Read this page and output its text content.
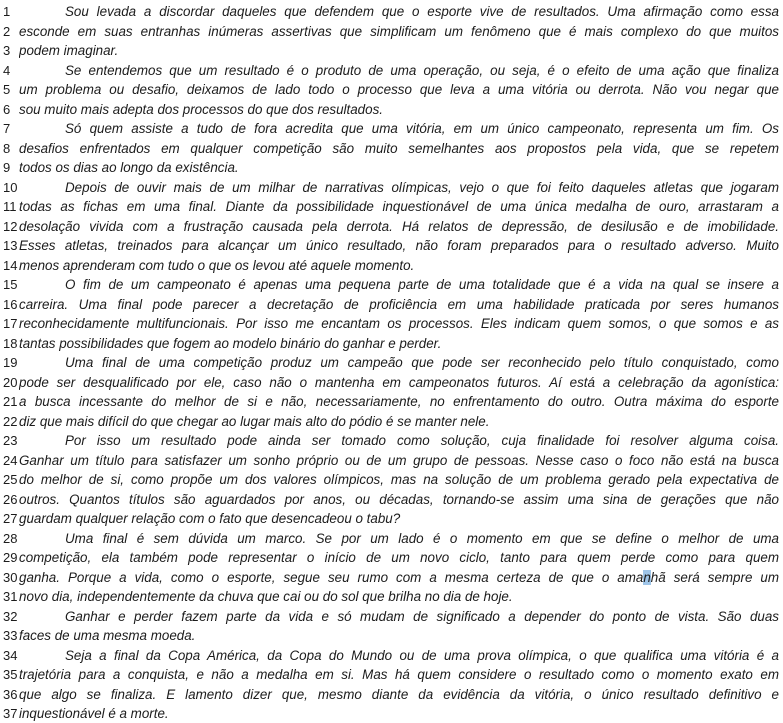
1	Sou levada a discordar daqueles que defendem que o esporte vive de resultados. Uma afirmação como essa
2 esconde em suas entranhas inúmeras assertivas que simplificam um fenômeno que é mais complexo do que muitos
3 podem imaginar.
4	Se entendemos que um resultado é o produto de uma operação, ou seja, é o efeito de uma ação que finaliza
5 um problema ou desafio, deixamos de lado todo o processo que leva a uma vitória ou derrota. Não vou negar que
6 sou muito mais adepta dos processos do que dos resultados.
7	Só quem assiste a tudo de fora acredita que uma vitória, em um único campeonato, representa um fim. Os
8 desafios enfrentados em qualquer competição são muito semelhantes aos propostos pela vida, que se repetem
9 todos os dias ao longo da existência.
10	Depois de ouvir mais de um milhar de narrativas olímpicas, vejo o que foi feito daqueles atletas que jogaram
11 todas as fichas em uma final. Diante da possibilidade inquestionável de uma única medalha de ouro, arrastaram a
12 desolação vivida com a frustração causada pela derrota. Há relatos de depressão, de desilusão e de imobilidade.
13 Esses atletas, treinados para alcançar um único resultado, não foram preparados para o resultado adverso. Muito
14 menos aprenderam com tudo o que os levou até aquele momento.
15	O fim de um campeonato é apenas uma pequena parte de uma totalidade que é a vida na qual se insere a
16 carreira. Uma final pode parecer a decretação de proficiência em uma habilidade praticada por seres humanos
17 reconhecidamente multifuncionais. Por isso me encantam os processos. Eles indicam quem somos, o que somos e as
18 tantas possibilidades que fogem ao modelo binário do ganhar e perder.
19	Uma final de uma competição produz um campeão que pode ser reconhecido pelo título conquistado, como
20 pode ser desqualificado por ele, caso não o mantenha em campeonatos futuros. Aí está a celebração da agonística:
21 a busca incessante do melhor de si e não, necessariamente, no enfrentamento do outro. Outra máxima do esporte
22 diz que mais difícil do que chegar ao lugar mais alto do pódio é se manter nele.
23	Por isso um resultado pode ainda ser tomado como solução, cuja finalidade foi resolver alguma coisa.
24 Ganhar um título para satisfazer um sonho próprio ou de um grupo de pessoas. Nesse caso o foco não está na busca
25 do melhor de si, como propõe um dos valores olímpicos, mas na solução de um problema gerado pela expectativa de
26 outros. Quantos títulos são aguardados por anos, ou décadas, tornando-se assim uma sina de gerações que não
27 guardam qualquer relação com o fato que desencadeou o tabu?
28	Uma final é sem dúvida um marco. Se por um lado é o momento em que se define o melhor de uma
29 competição, ela também pode representar o início de um novo ciclo, tanto para quem perde como para quem
30 ganha. Porque a vida, como o esporte, segue seu rumo com a mesma certeza de que o amanhã será sempre um
31 novo dia, independentemente da chuva que cai ou do sol que brilha no dia de hoje.
32	Ganhar e perder fazem parte da vida e só mudam de significado a depender do ponto de vista. São duas
33 faces de uma mesma moeda.
34	Seja a final da Copa América, da Copa do Mundo ou de uma prova olímpica, o que qualifica uma vitória é a
35 trajetória para a conquista, e não a medalha em si. Mas há quem considere o resultado como o momento exato em
36 que algo se finaliza. E lamento dizer que, mesmo diante da evidência da vitória, o único resultado definitivo e
37 inquestionável é a morte.
